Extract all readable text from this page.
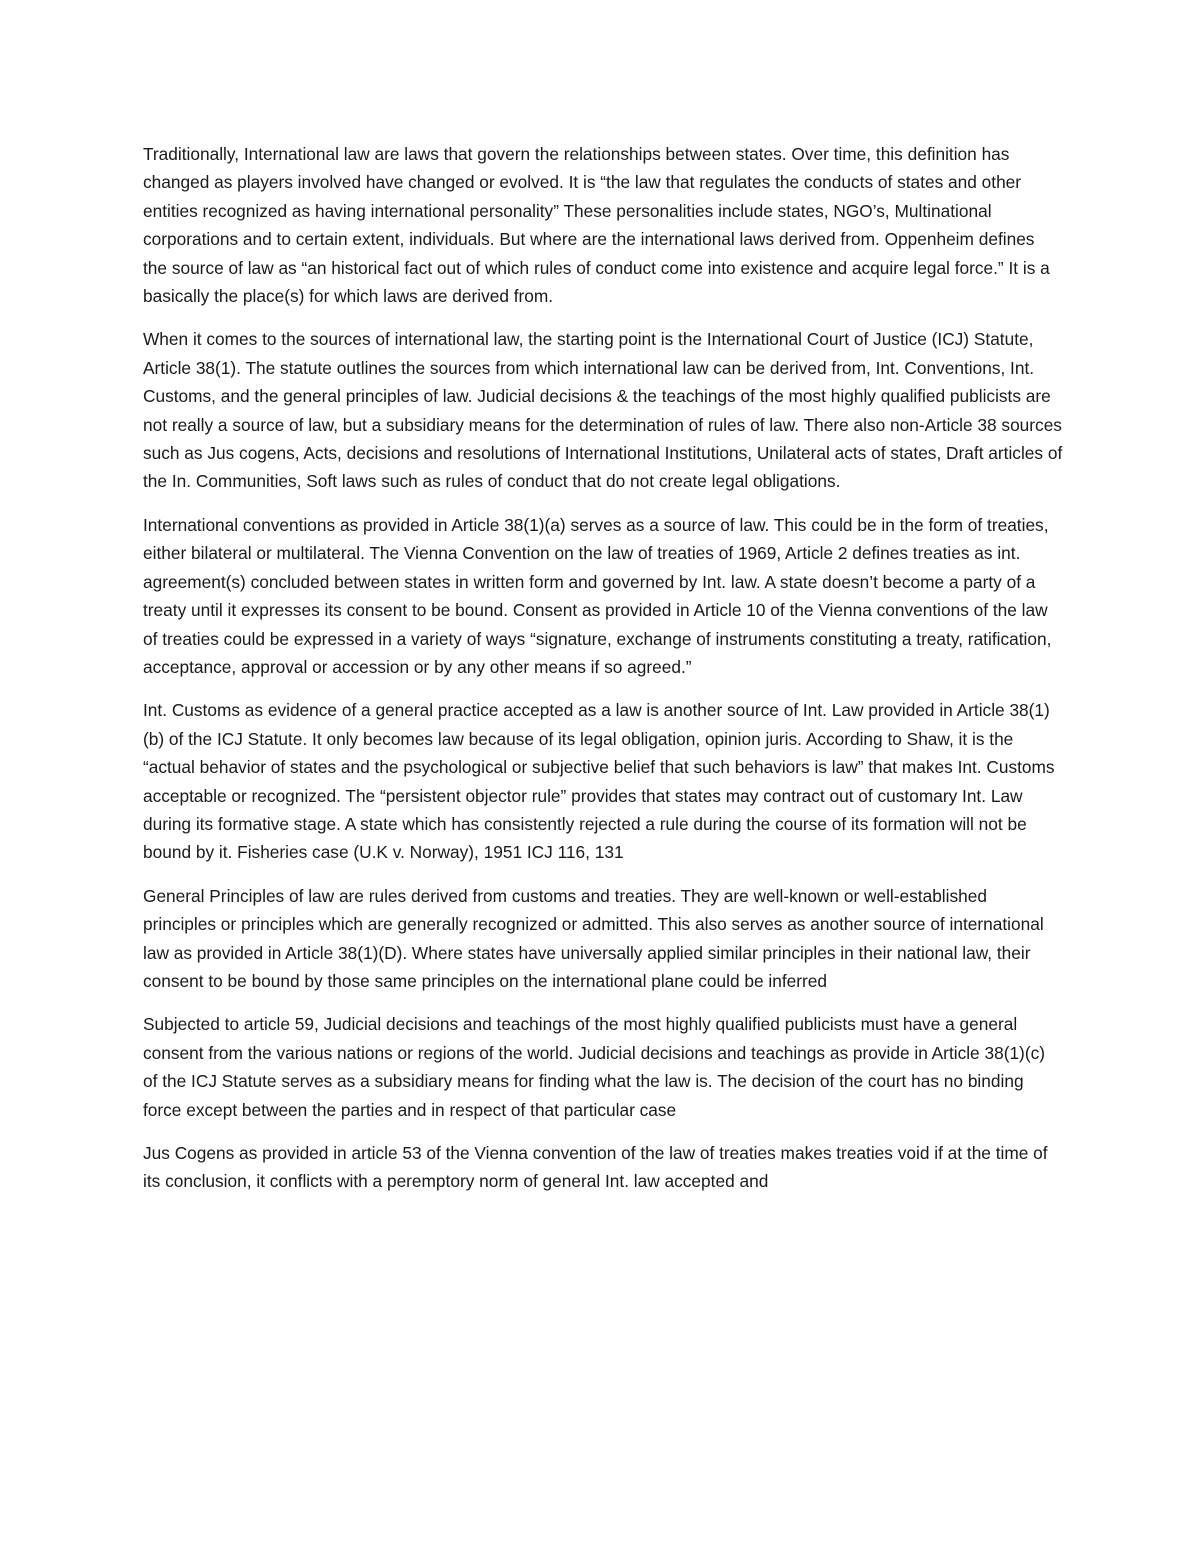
Traditionally, International law are laws that govern the relationships between states. Over time, this definition has changed as players involved have changed or evolved. It is “the law that regulates the conducts of states and other entities recognized as having international personality” These personalities include states, NGO’s, Multinational corporations and to certain extent, individuals. But where are the international laws derived from. Oppenheim defines the source of law as “an historical fact out of which rules of conduct come into existence and acquire legal force.” It is a basically the place(s) for which laws are derived from.

When it comes to the sources of international law, the starting point is the International Court of Justice (ICJ) Statute, Article 38(1). The statute outlines the sources from which international law can be derived from, Int. Conventions, Int. Customs, and the general principles of law. Judicial decisions & the teachings of the most highly qualified publicists are not really a source of law, but a subsidiary means for the determination of rules of law. There also non-Article 38 sources such as Jus cogens, Acts, decisions and resolutions of International Institutions, Unilateral acts of states, Draft articles of the In. Communities, Soft laws such as rules of conduct that do not create legal obligations.

International conventions as provided in Article 38(1)(a) serves as a source of law. This could be in the form of treaties, either bilateral or multilateral. The Vienna Convention on the law of treaties of 1969, Article 2 defines treaties as int. agreement(s) concluded between states in written form and governed by Int. law. A state doesn’t become a party of a treaty until it expresses its consent to be bound. Consent as provided in Article 10 of the Vienna conventions of the law of treaties could be expressed in a variety of ways “signature, exchange of instruments constituting a treaty, ratification, acceptance, approval or accession or by any other means if so agreed.”

Int. Customs as evidence of a general practice accepted as a law is another source of Int. Law provided in Article 38(1)(b) of the ICJ Statute. It only becomes law because of its legal obligation, opinion juris. According to Shaw, it is the “actual behavior of states and the psychological or subjective belief that such behaviors is law” that makes Int. Customs acceptable or recognized. The “persistent objector rule” provides that states may contract out of customary Int. Law during its formative stage. A state which has consistently rejected a rule during the course of its formation will not be bound by it. Fisheries case (U.K v. Norway), 1951 ICJ 116, 131

General Principles of law are rules derived from customs and treaties. They are well-known or well-established principles or principles which are generally recognized or admitted. This also serves as another source of international law as provided in Article 38(1)(D). Where states have universally applied similar principles in their national law, their consent to be bound by those same principles on the international plane could be inferred

Subjected to article 59, Judicial decisions and teachings of the most highly qualified publicists must have a general consent from the various nations or regions of the world. Judicial decisions and teachings as provide in Article 38(1)(c) of the ICJ Statute serves as a subsidiary means for finding what the law is. The decision of the court has no binding force except between the parties and in respect of that particular case

Jus Cogens as provided in article 53 of the Vienna convention of the law of treaties makes treaties void if at the time of its conclusion, it conflicts with a peremptory norm of general Int. law accepted and
